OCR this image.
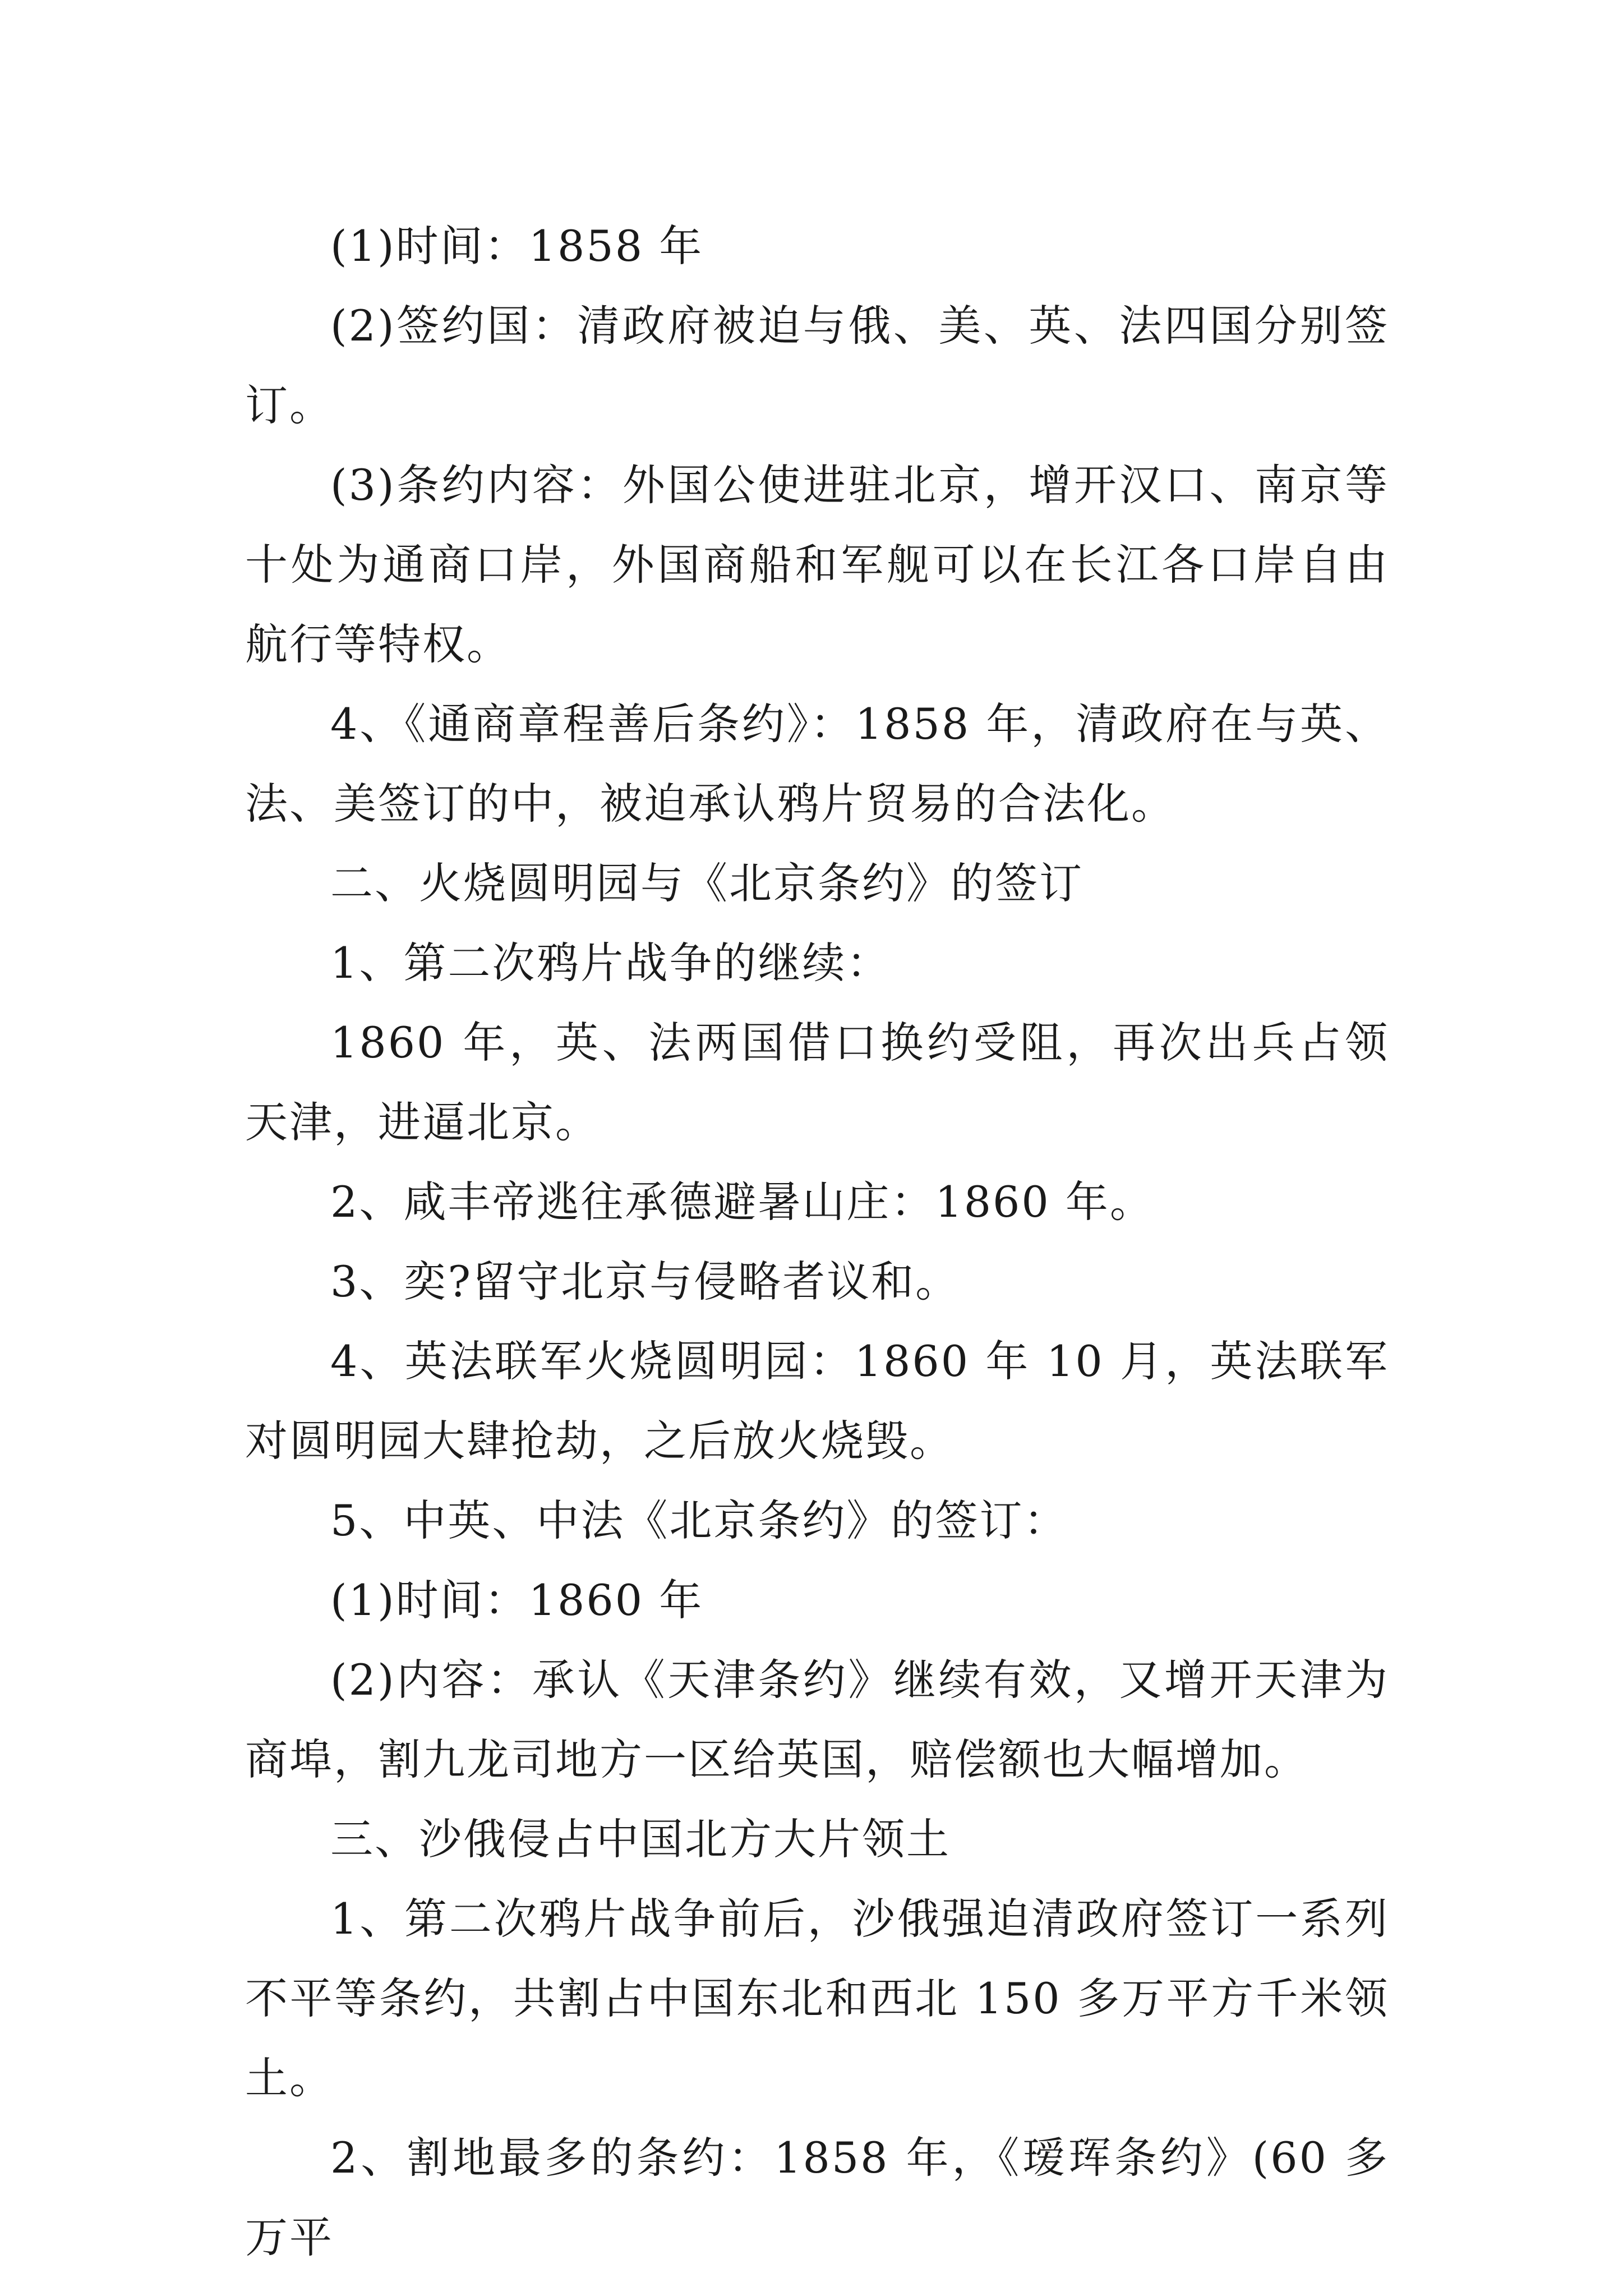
(1)时间：1858 年

(2)签约国：清政府被迫与俄、美、英、法四国分别签订。

(3)条约内容：外国公使进驻北京，增开汉口、南京等十处为通商口岸，外国商船和军舰可以在长江各口岸自由航行等特权。

4、《通商章程善后条约》：1858 年，清政府在与英、法、美签订的中，被迫承认鸦片贸易的合法化。

二、火烧圆明园与《北京条约》的签订

1、第二次鸦片战争的继续：

1860 年，英、法两国借口换约受阻，再次出兵占领天津，进逼北京。

2、咸丰帝逃往承德避暑山庄：1860 年。

3、奕?留守北京与侵略者议和。

4、英法联军火烧圆明园：1860 年 10 月，英法联军对圆明园大肆抢劫，之后放火烧毁。

5、中英、中法《北京条约》的签订：

(1)时间：1860 年

(2)内容：承认《天津条约》继续有效，又增开天津为商埠，割九龙司地方一区给英国，赔偿额也大幅增加。

三、沙俄侵占中国北方大片领土

1、第二次鸦片战争前后，沙俄强迫清政府签订一系列不平等条约，共割占中国东北和西北 150 多万平方千米领土。

2、割地最多的条约：1858 年，《瑷珲条约》(60 多万平
